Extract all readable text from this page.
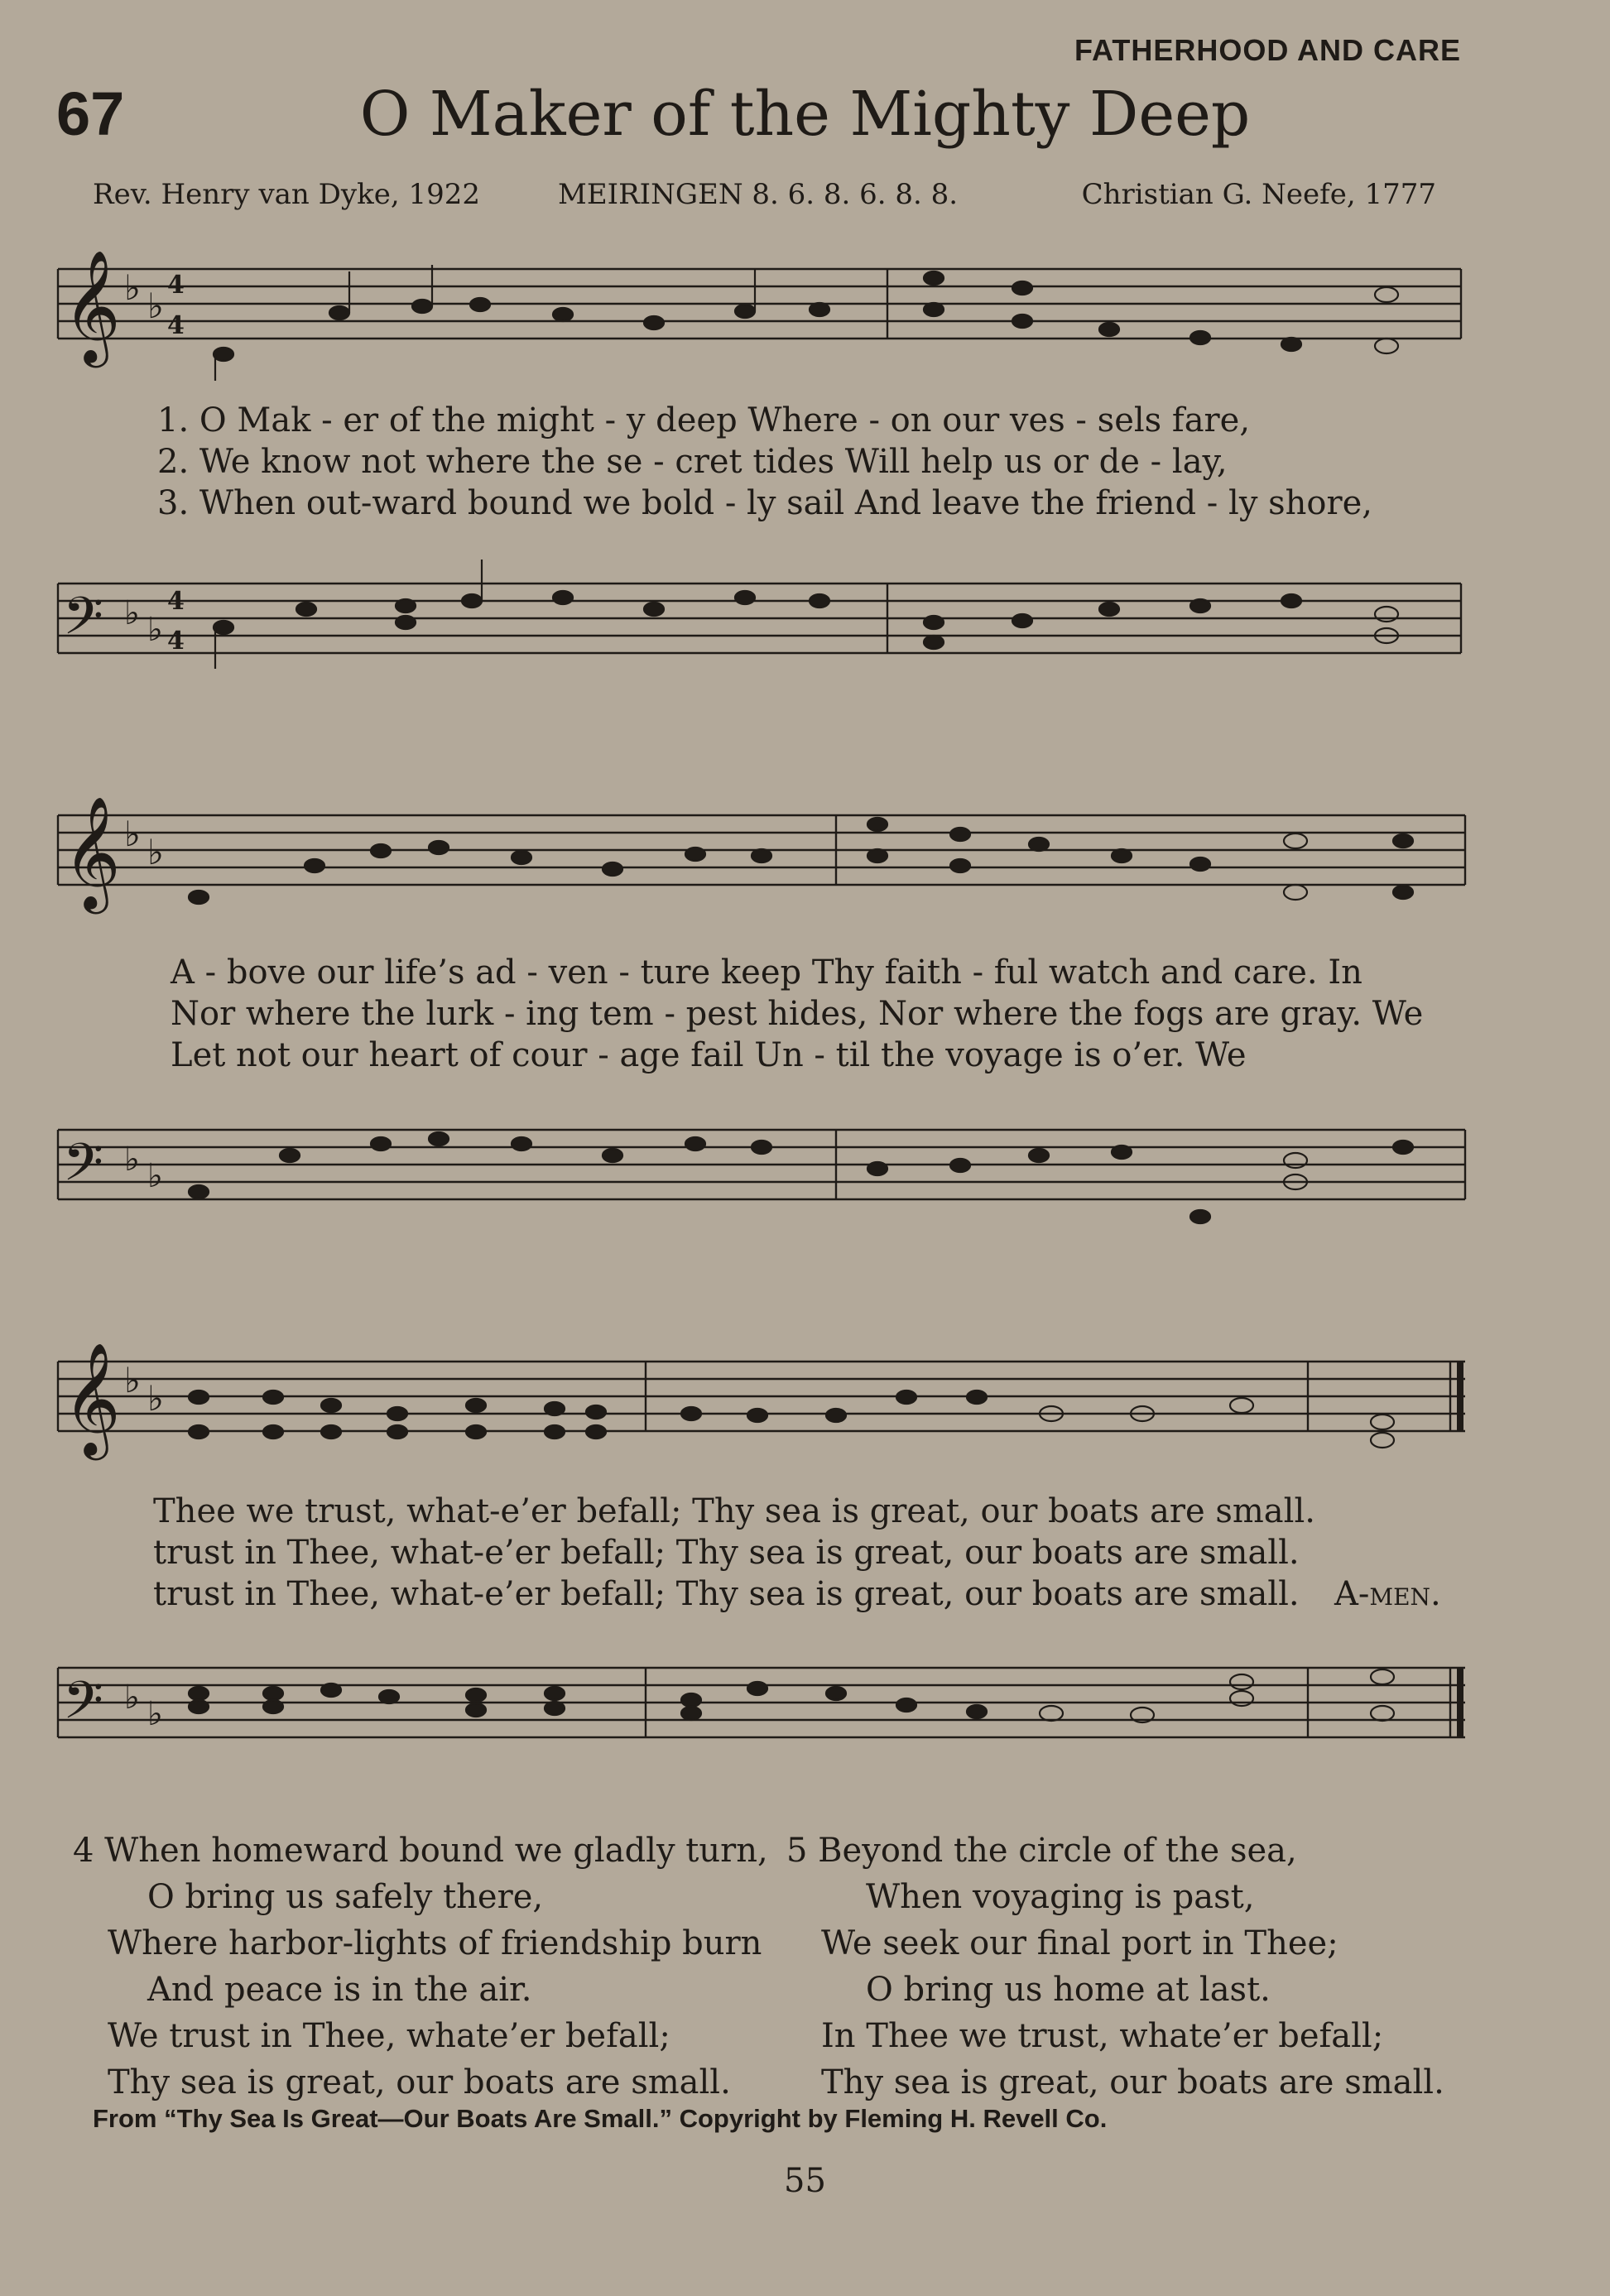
FATHERHOOD AND CARE
67	O Maker of the Mighty Deep
Rev. Henry van Dyke, 1922	MEIRINGEN 8. 6. 8. 6. 8. 8.	Christian G. Neefe, 1777
𝄞 ♭ ♭
4
4
1. O Mak - er of the might - y deep Where - on our ves - sels fare,
2. We know not where the se - cret tides Will help us or de - lay,
3. When out-ward bound we bold - ly sail And leave the friend - ly shore,
𝄢 ♭ ♭
4
4
𝄞 ♭ ♭
A - bove our life’s ad - ven - ture keep Thy faith - ful watch and care. In
Nor where the lurk - ing tem - pest hides, Nor where the fogs are gray. We
Let not our heart of cour - age fail Un - til the voyage is o’er. We
𝄢 ♭ ♭
𝄞 ♭ ♭
Thee we trust, what-e’er befall; Thy sea is great, our boats are small.
trust in Thee, what-e’er befall; Thy sea is great, our boats are small.
trust in Thee, what-e’er befall; Thy sea is great, our boats are small. A-men.
𝄢 ♭ ♭
4 When homeward bound we gladly turn,
O bring us safely there,
Where harbor-lights of friendship burn
And peace is in the air.
We trust in Thee, whate’er befall;
Thy sea is great, our boats are small.
5 Beyond the circle of the sea,
When voyaging is past,
We seek our final port in Thee;
O bring us home at last.
In Thee we trust, whate’er befall;
Thy sea is great, our boats are small.
From “Thy Sea Is Great—Our Boats Are Small.” Copyright by Fleming H. Revell Co.
55
